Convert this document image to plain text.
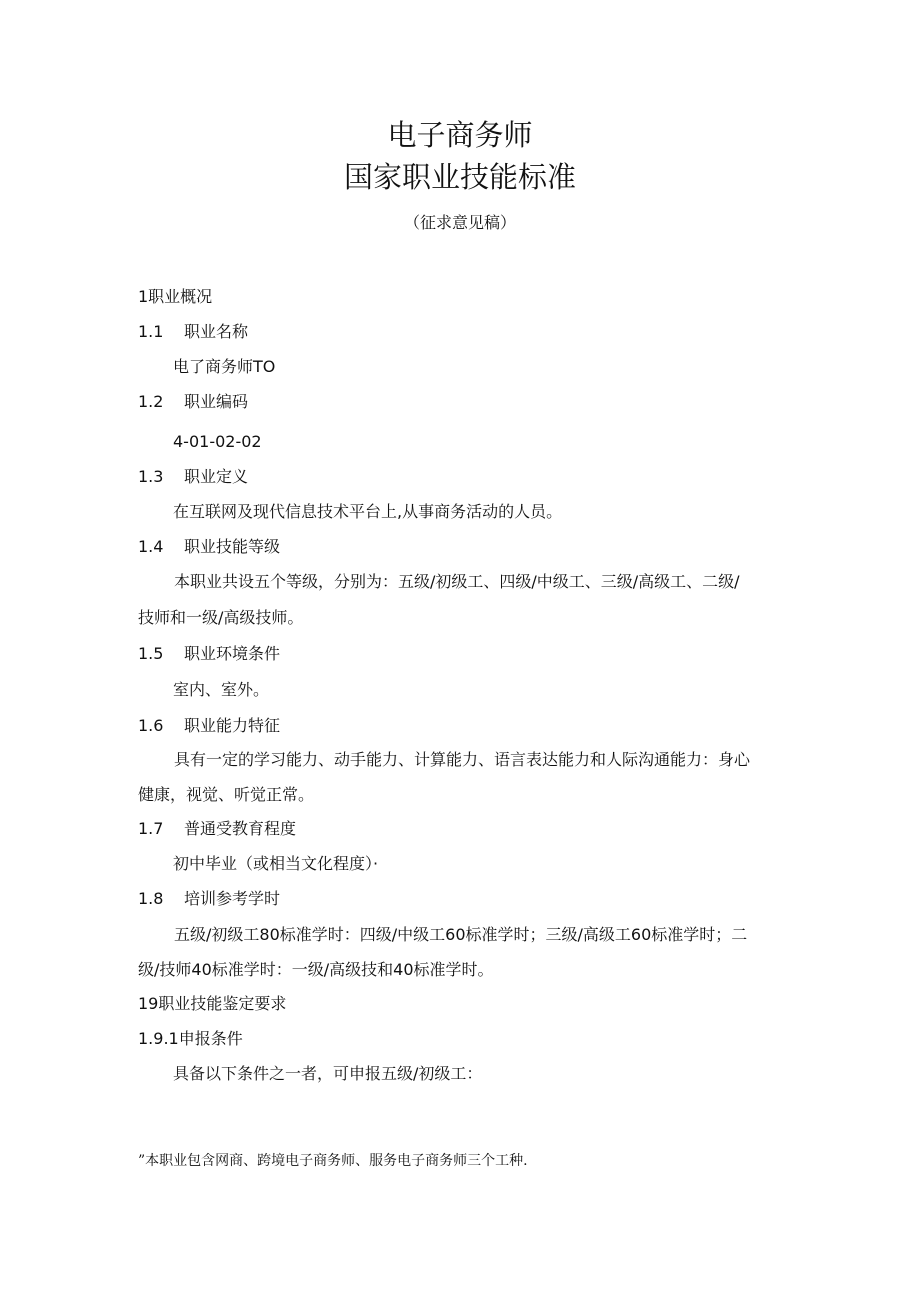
电子商务师
国家职业技能标准
（征求意见稿）
1职业概况
1.1 职业名称
电了商务师TO
1.2 职业编码
4-01-02-02
1.3 职业定义
在互联网及现代信息技术平台上,从事商务活动的人员。
1.4 职业技能等级
本职业共设五个等级，分别为：五级/初级工、四级/中级工、三级/高级工、二级/
技师和一级/高级技师。
1.5 职业环境条件
室内、室外。
1.6 职业能力特征
具有一定的学习能力、动手能力、计算能力、语言表达能力和人际沟通能力：身心
健康，视觉、听觉正常。
1.7 普通受教育程度
初中毕业（或相当文化程度）·
1.8 培训参考学时
五级/初级工80标准学时：四级/中级工60标准学时；三级/高级工60标准学时；二
级/技师40标准学时：一级/高级技和40标准学时。
19职业技能鉴定要求
1.9.1申报条件
具备以下条件之一者，可申报五级/初级工：
”本职业包含网商、跨境电子商务师、服务电子商务师三个工种.
